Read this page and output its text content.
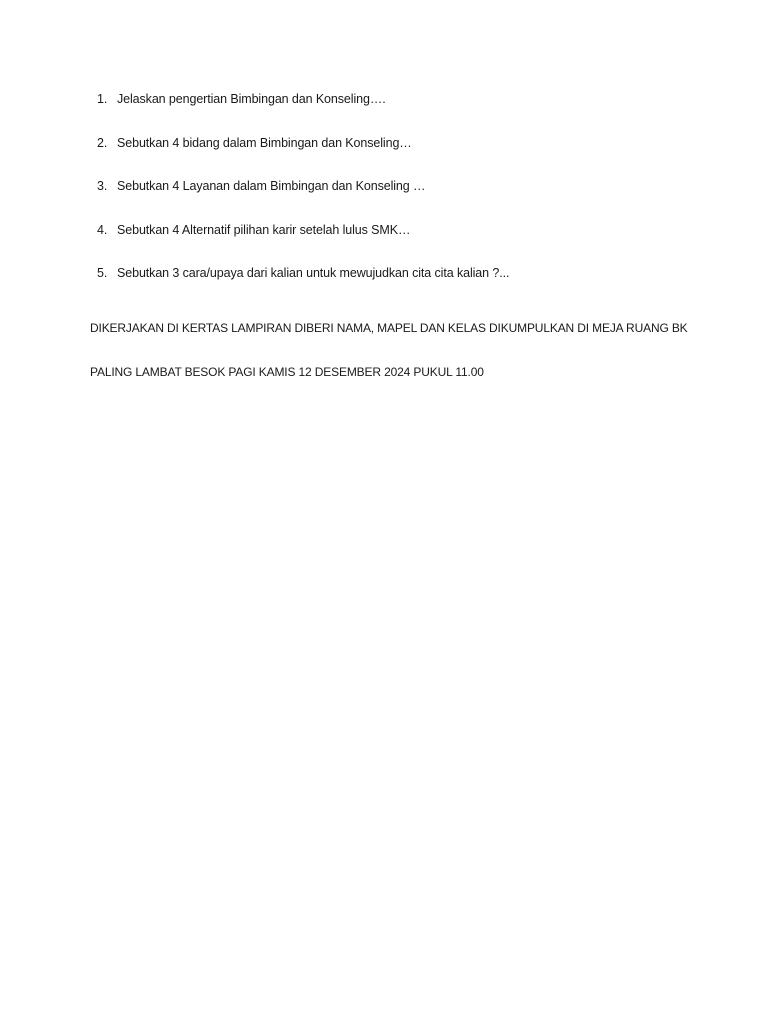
1. Jelaskan pengertian Bimbingan dan Konseling….
2. Sebutkan 4 bidang dalam Bimbingan dan Konseling…
3. Sebutkan 4 Layanan dalam Bimbingan dan Konseling …
4. Sebutkan 4 Alternatif pilihan karir setelah lulus SMK…
5. Sebutkan 3 cara/upaya dari kalian untuk mewujudkan cita cita kalian ?...
DIKERJAKAN DI KERTAS LAMPIRAN DIBERI NAMA, MAPEL DAN KELAS DIKUMPULKAN DI MEJA RUANG BK
PALING LAMBAT BESOK PAGI KAMIS 12 DESEMBER 2024 PUKUL 11.00
